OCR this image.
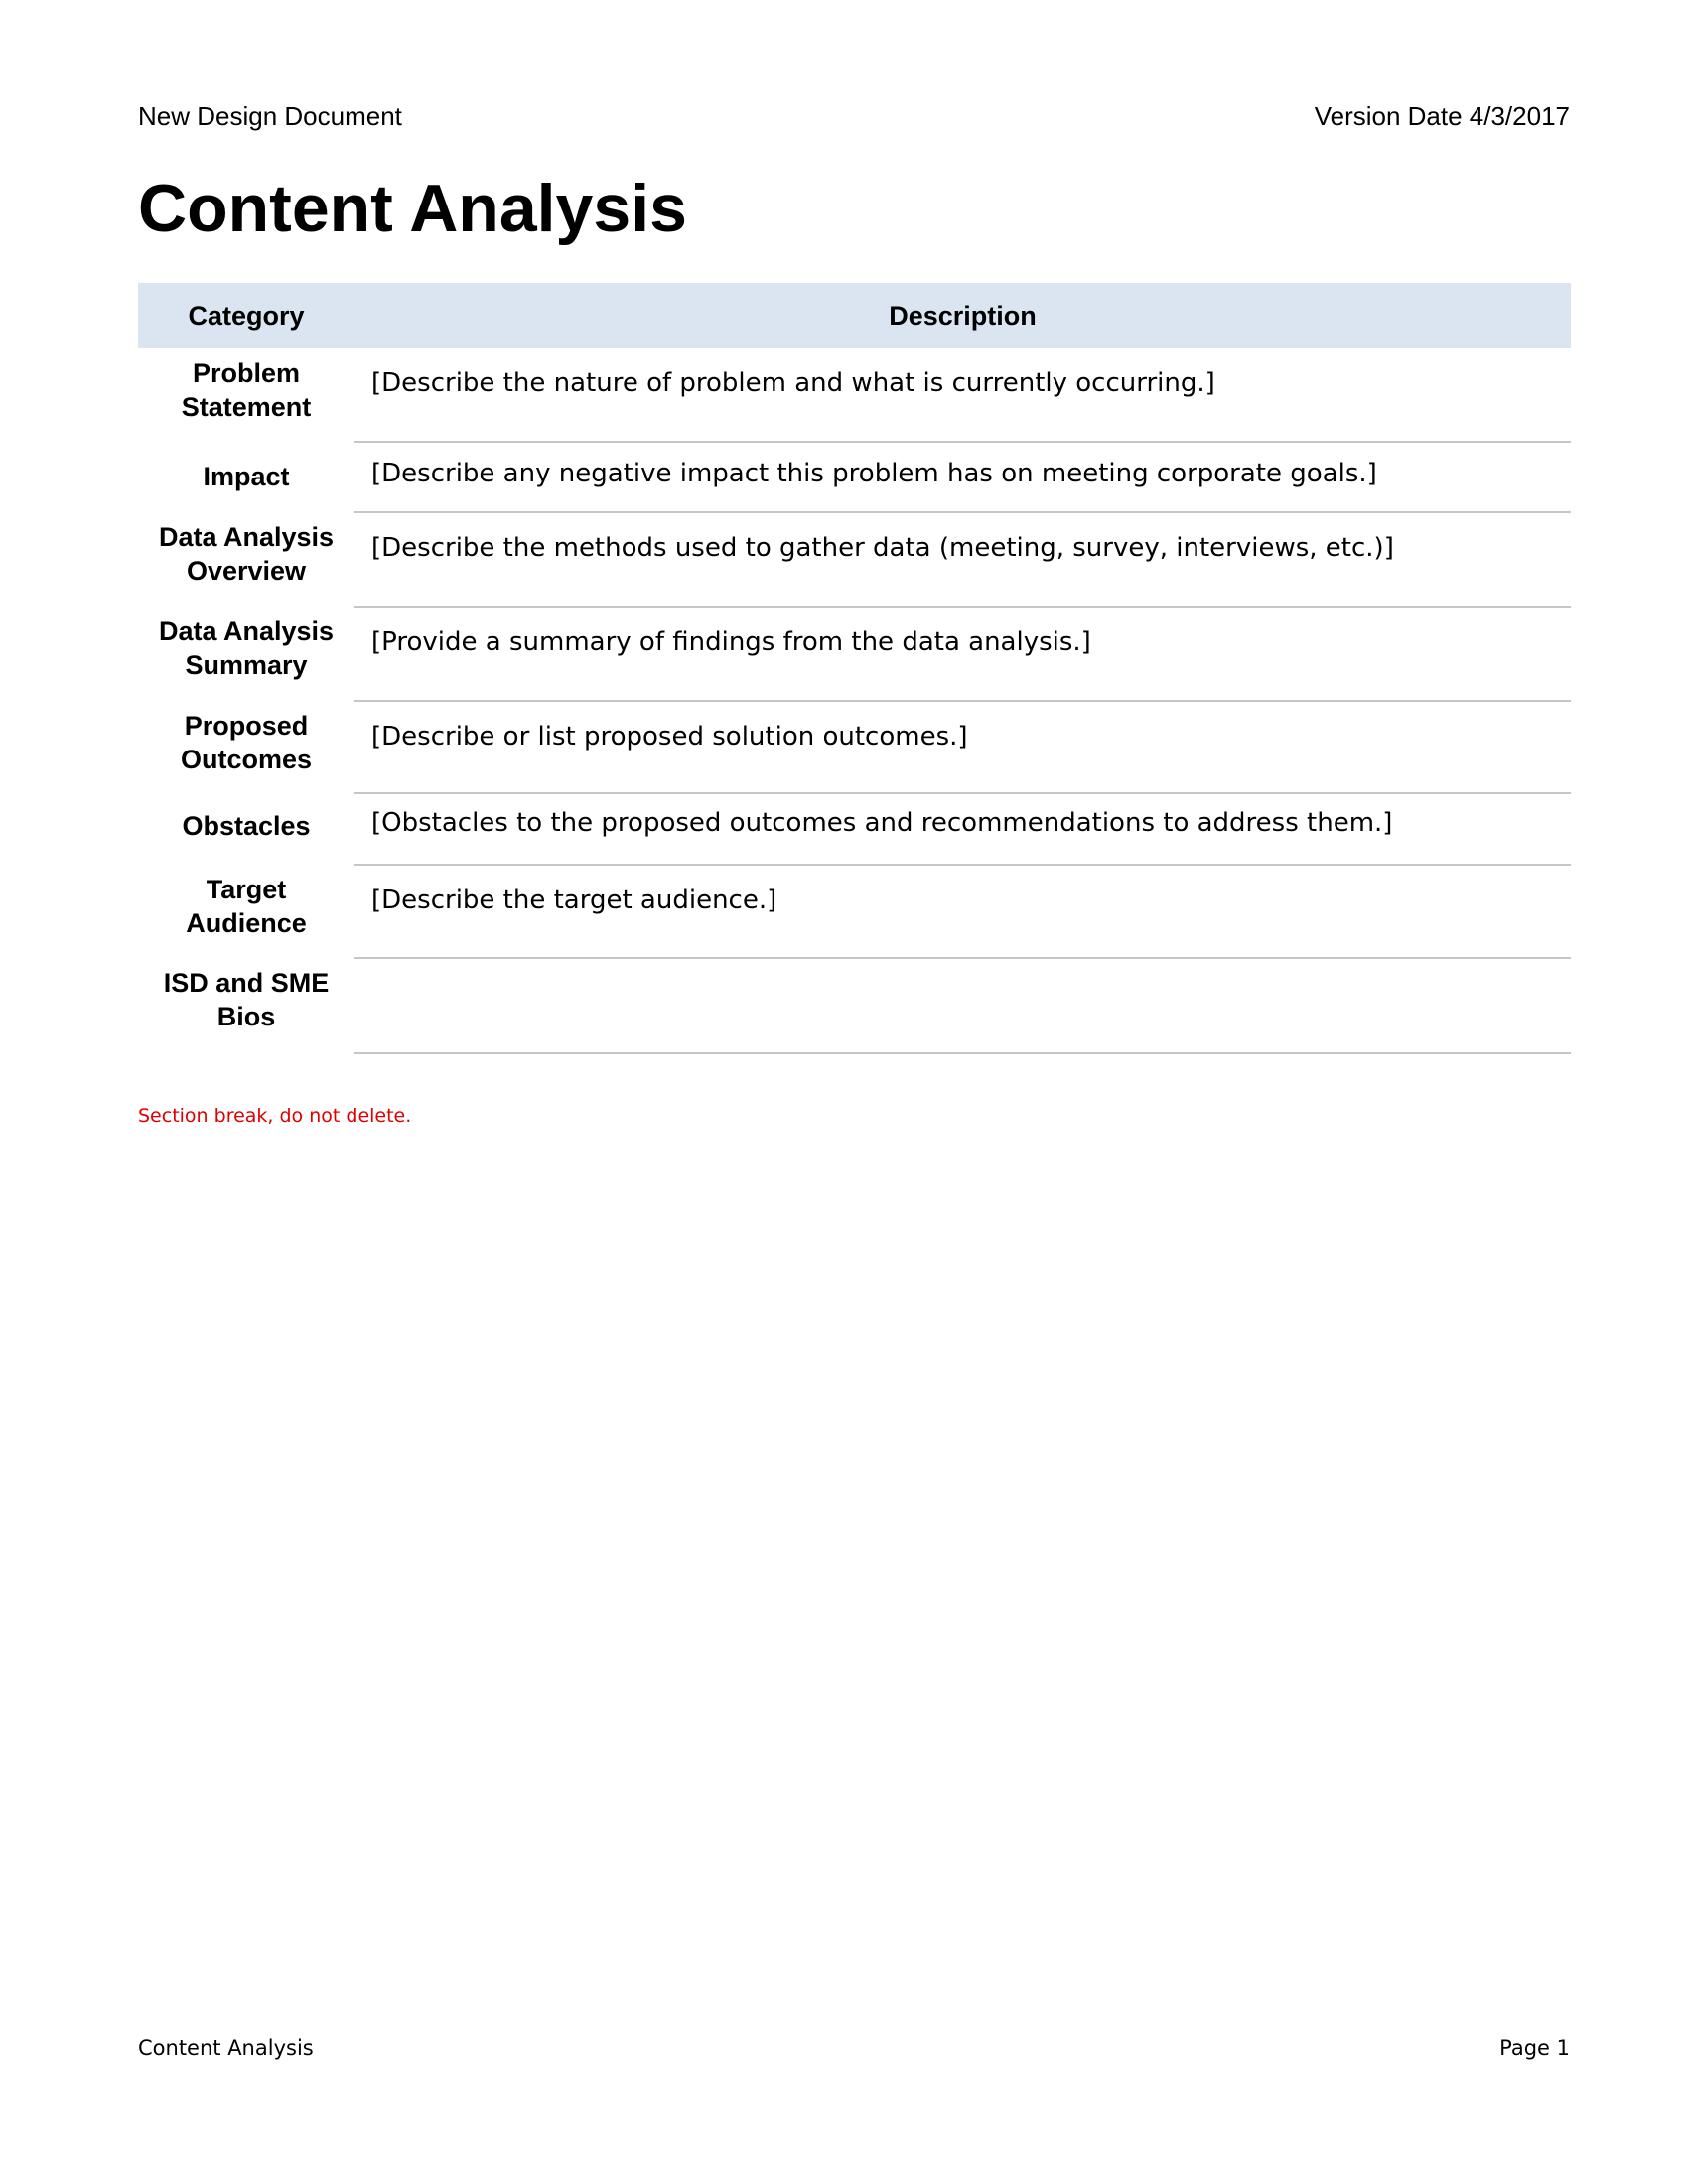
New Design Document	Version Date 4/3/2017
Content Analysis
Category	Description
Problem
Statement	[Describe the nature of problem and what is currently occurring.]
Impact	[Describe any negative impact this problem has on meeting corporate goals.]
Data Analysis
Overview	[Describe the methods used to gather data (meeting, survey, interviews, etc.)]
Data Analysis
Summary	[Provide a summary of findings from the data analysis.]
Proposed
Outcomes	[Describe or list proposed solution outcomes.]
Obstacles	[Obstacles to the proposed outcomes and recommendations to address them.]
Target
Audience	[Describe the target audience.]
ISD and SME
Bios	
Section break, do not delete.
Content Analysis	Page 1
